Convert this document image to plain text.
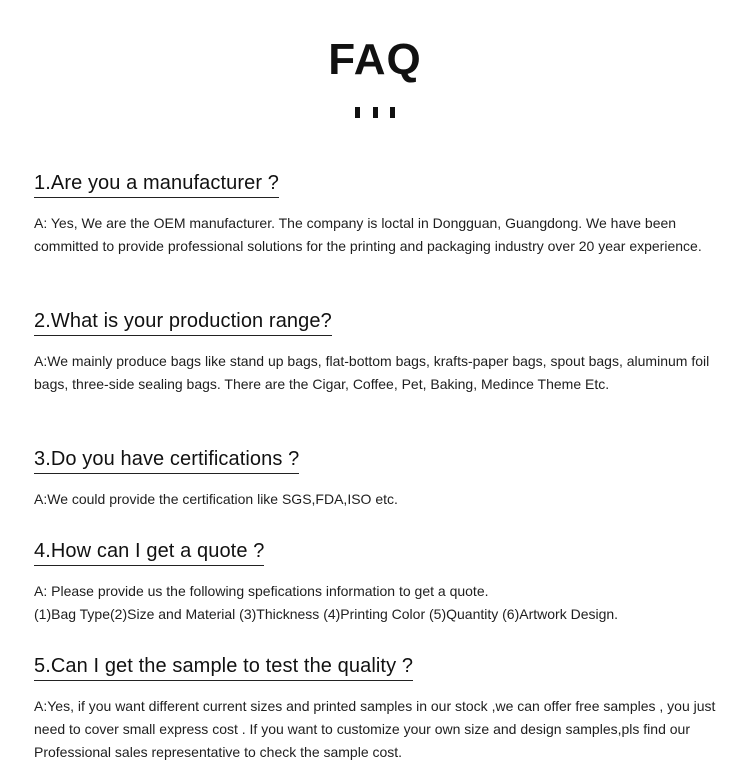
FAQ
1.Are you a manufacturer ?

A: Yes, We are the OEM manufacturer. The company is loctal in Dongguan, Guangdong. We have been committed to provide professional solutions for the printing and packaging industry over 20 year experience.

2.What is your production range?

A:We mainly produce bags like stand up bags, flat-bottom bags, krafts-paper bags, spout bags, aluminum foil bags, three-side sealing bags. There are the Cigar, Coffee, Pet, Baking, Medince Theme Etc.

3.Do you have certifications ?

A:We could provide the certification like SGS,FDA,ISO etc.

4.How can I get a quote ?

A: Please provide us the following spefications information to get a quote.

(1)Bag Type(2)Size and Material (3)Thickness (4)Printing Color (5)Quantity (6)Artwork Design.

5.Can I get the sample to test the quality ?

A:Yes, if you want different current sizes and printed samples in our stock ,we can offer free samples , you just need to cover small express cost . If you want to customize your own size and design samples,pls find our Professional sales representative to check the sample cost.
